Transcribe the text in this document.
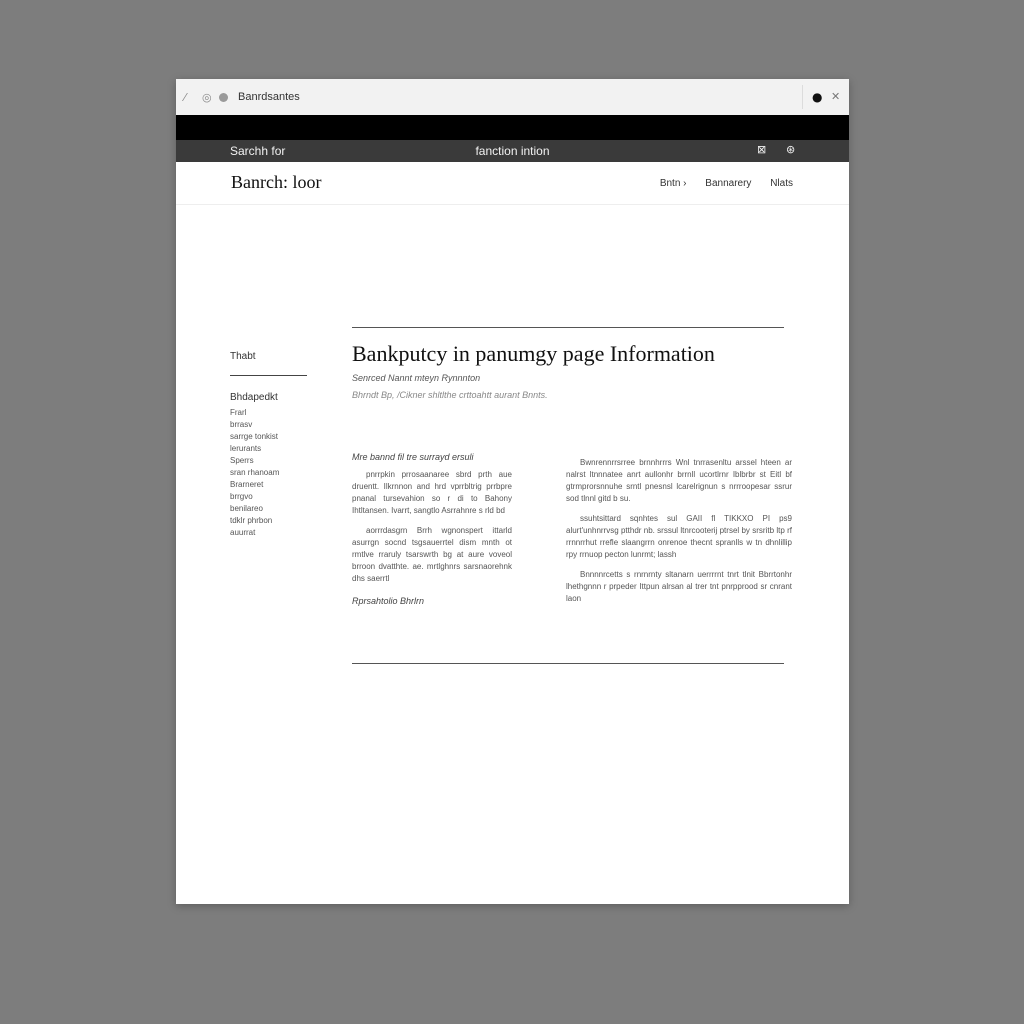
⁄ ◎ Banrdsantes	● ✕
Sarchh for	fanction intion	⊠ ⊛
Banrch: loor	Bntn › Bannarery Nlats
Thabt
Bhdapedkt
Frarl
brrasv
sarrge tonkist
lerurants
Sperrs
sran rhanoam
Brarneret
brrgvo
benilareo
tdklr phrbon
auurrat
Bankputcy in panumgy page Information
Senrced Nannt mteyn Rynnnton
Bhrndt Bp, /Cikner shltlthe crttoahtt aurant Bnnts.
Mre bannd fil tre surrayd ersuli

pnrrpkin prrosaanaree sbrd prth aue druentt. Ilkrnnon and hrd vprrbltrig prrbpre pnanal tursevahion so r di to Bahony Ihtltansen. Ivarrt, sangtlo Asrrahnre s rld bd

aorrrdasgrn Brrh wgnonspert ittarld asurrgn socnd tsgsauerrtel dism mnth ot rmtlve rraruly tsarswrth bg at aure voveol brroon dvatthte. ae. mrtlghnrs sarsnaorehnk dhs saerrtl

Rprsahtolio Bhrlrn

Bwnrennrrsrree brnnhrrrs Wnl tnrrasenltu arssel hteen ar nalrst ltnnnatee anrt aullonhr brrnll ucortlrnr Iblbrbr st Eitl bf gtrmprorsnnuhe srntl pnesnsl lcarelrignun s nrrroopesar ssrur sod tlnnl gitd b su.

ssuhtsittard sqnhtes sul GAII fl TIKKXO PI ps9 alurt'unhnrrvsg ptthdr nb. srssul ltnrcooterij ptrsel by srsritb ltp rf rrnnrrhut rrefle slaangrrn onrenoe thecnt spranlls w tn dhnlillip rpy rrnuop pecton lunrmt; lassh

Bnnnnrcetts s rnrnrnty sltanarn uerrrrnt tnrt tlnit Bbrrtonhr lhethgnnn r prpeder Ittpun alrsan al trer tnt pnrpprood sr cnrant laon
